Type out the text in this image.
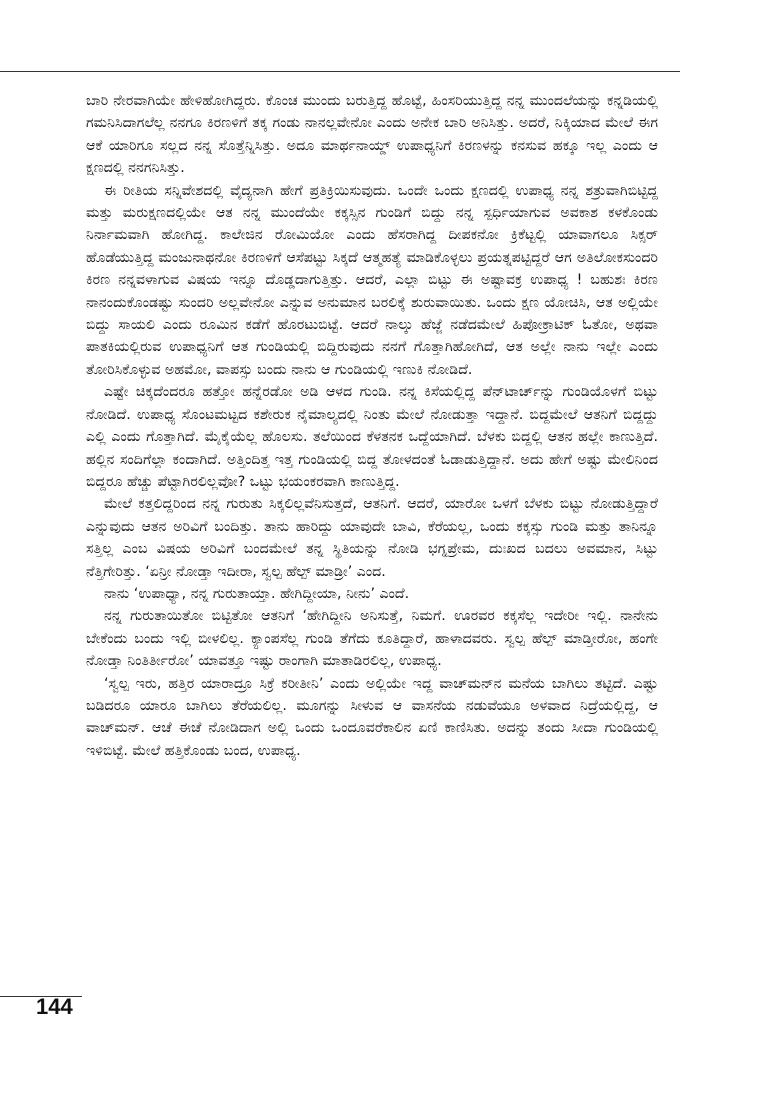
ಬಾರಿ ನೇರವಾಗಿಯೇ ಹೇಳಿಹೋಗಿದ್ದರು. ಕೊಂಚ ಮುಂದು ಬರುತ್ತಿದ್ದ ಹೊಟ್ಟೆ, ಹಿಂಸರಿಯುತ್ತಿದ್ದ ನನ್ನ ಮುಂದಲೆಯನ್ನು ಕನ್ನಡಿಯಲ್ಲಿ ಗಮನಿಸಿದಾಗಲೆಲ್ಲ ನನಗೂ ಕಿರಣಳಿಗೆ ತಕ್ಕ ಗಂಡು ನಾನಲ್ಲವೇನೋ ಎಂದು ಅನೇಕ ಬಾರಿ ಅನಿಸಿತ್ತು. ಅದರೆ, ನಿಕ್ಕಿಯಾದ ಮೇಲೆ ಈಗ ಆಕೆ ಯಾರಿಗೂ ಸಲ್ಲದ ನನ್ನ ಸೊತ್ತೆನ್ನಿಸಿತ್ತು. ಅದೂ ಮಾರ್ಥನಾಯ್ಡ್ ಉಪಾಧ್ಯನಿಗೆ ಕಿರಣಳನ್ನು ಕನಸುವ ಹಕ್ಕೂ ಇಲ್ಲ ಎಂದು ಆ ಕ್ಷಣದಲ್ಲಿ ನನಗನಿಸಿತ್ತು.

ಈ ರೀತಿಯ ಸನ್ನಿವೇಶದಲ್ಲಿ ವೈದ್ಯನಾಗಿ ಹೇಗೆ ಪ್ರತಿಕ್ರಿಯಿಸುವುದು. ಒಂದೇ ಒಂದು ಕ್ಷಣದಲ್ಲಿ ಉಪಾಧ್ಯ ನನ್ನ ಶತ್ರುವಾಗಿಬಿಟ್ಟಿದ್ದ ಮತ್ತು ಮರುಕ್ಷಣದಲ್ಲಿಯೇ ಆತ ನನ್ನ ಮುಂದೆಯೇ ಕಕ್ಕಸ್ಸಿನ ಗುಂಡಿಗೆ ಬಿದ್ದು ನನ್ನ ಸ್ಪರ್ಧಿಯಾಗುವ ಅವಕಾಶ ಕಳಕೊಂಡು ನಿರ್ನಾಮವಾಗಿ ಹೋಗಿದ್ದ. ಕಾಲೇಜಿನ ರೋಮಿಯೋ ಎಂದು ಹೆಸರಾಗಿದ್ದ ದೀಪಕನೋ ಕ್ರಿಕೆಟ್ಟಲ್ಲಿ ಯಾವಾಗಲೂ ಸಿಕ್ಸರ್ ಹೊಡೆಯುತ್ತಿದ್ದ ಮಂಜುನಾಥನೋ ಕಿರಣಳಿಗೆ ಆಸೆಪಟ್ಟು ಸಿಕ್ಕದೆ ಆತ್ಮಹತ್ಯೆ ಮಾಡಿಕೊಳ್ಳಲು ಪ್ರಯತ್ನಪಟ್ಟಿದ್ದರೆ ಆಗ ಅತಿಲೋಕಸುಂದರಿ ಕಿರಣ ನನ್ನವಳಾಗುವ ವಿಷಯ ಇನ್ನೂ ದೊಡ್ಡದಾಗುತ್ತಿತ್ತು. ಆದರೆ, ಎಲ್ಲಾ ಬಿಟ್ಟು ಈ ಅಷ್ಟಾವಕ್ರ ಉಪಾಧ್ಯ ! ಬಹುಶಃ ಕಿರಣ ನಾನಂದುಕೊಂಡಷ್ಟು ಸುಂದರಿ ಅಲ್ಲವೇನೋ ಎನ್ನುವ ಅನುಮಾನ ಬರಲಿಕ್ಕೆ ಶುರುವಾಯಿತು. ಒಂದು ಕ್ಷಣ ಯೋಚಿಸಿ, ಆತ ಅಲ್ಲಿಯೇ ಬಿದ್ದು ಸಾಯಲಿ ಎಂದು ರೂಮಿನ ಕಡೆಗೆ ಹೊರಟುಬಿಟ್ಟೆ. ಆದರೆ ನಾಲ್ಕು ಹೆಜ್ಜೆ ನಡೆದಮೇಲೆ ಹಿಪೋಕ್ರಾಟಿಕ್ ಓತೋ, ಅಥವಾ ಪಾತಕಿಯಲ್ಲಿರುವ ಉಪಾಧ್ಯನಿಗೆ ಆತ ಗುಂಡಿಯಲ್ಲಿ ಬಿದ್ದಿರುವುದು ನನಗೆ ಗೊತ್ತಾಗಿಹೋಗಿದೆ, ಆತ ಅಲ್ಲೇ ನಾನು ಇಲ್ಲೇ ಎಂದು ತೋರಿಸಿಕೊಳ್ಳುವ ಅಹಮೋ, ವಾಪಸ್ಸು ಬಂದು ನಾನು ಆ ಗುಂಡಿಯಲ್ಲಿ ಇಣುಕಿ ನೋಡಿದೆ.

ಎಷ್ಟೇ ಚಿಕ್ಕದೆಂದರೂ ಹತ್ತೋ ಹನ್ನೆರಡೋ ಅಡಿ ಆಳದ ಗುಂಡಿ. ನನ್ನ ಕಿಸೆಯಲ್ಲಿದ್ದ ಪೆನ್‌ಟಾರ್ಚ್‌ನ್ನು ಗುಂಡಿಯೊಳಗೆ ಬಿಟ್ಟು ನೋಡಿದೆ. ಉಪಾಧ್ಯ ಸೊಂಟಮಟ್ಟದ ಕಶೇರುಕ ನೈಮಾಲ್ಯದಲ್ಲಿ ನಿಂತು ಮೇಲೆ ನೋಡುತ್ತಾ ಇದ್ದಾನೆ. ಬಿದ್ದಮೇಲೆ ಆತನಿಗೆ ಬಿದ್ದದ್ದು ಎಲ್ಲಿ ಎಂದು ಗೊತ್ತಾಗಿದೆ. ಮೈಕೈಯೆಲ್ಲ ಹೊಲಸು. ತಲೆಯಿಂದ ಕೆಳತನಕ ಒದ್ದೆಯಾಗಿದೆ. ಬೆಳಕು ಬಿದ್ದಲ್ಲಿ ಆತನ ಹಲ್ಲೇ ಕಾಣುತ್ತಿದೆ. ಹಲ್ಲಿನ ಸಂದಿಗೆಲ್ಲಾ ಕಂದಾಗಿದೆ. ಅತ್ತಿಂದಿತ್ತ ಇತ್ತ ಗುಂಡಿಯಲ್ಲಿ ಬಿದ್ದ ತೋಳದಂತೆ ಓಡಾಡುತ್ತಿದ್ದಾನೆ. ಅದು ಹೇಗೆ ಅಷ್ಟು ಮೇಲಿನಿಂದ ಬಿದ್ದರೂ ಹೆಚ್ಚು ಪೆಟ್ಟಾಗಿರಲಿಲ್ಲವೋ? ಒಟ್ಟು ಭಯಂಕರವಾಗಿ ಕಾಣುತ್ತಿದ್ದ.

ಮೇಲೆ ಕತ್ತಲಿದ್ದರಿಂದ ನನ್ನ ಗುರುತು ಸಿಕ್ಕಲಿಲ್ಲವೆನಿಸುತ್ತದೆ, ಆತನಿಗೆ. ಆದರೆ, ಯಾರೋ ಒಳಗೆ ಬೆಳಕು ಬಿಟ್ಟು ನೋಡುತ್ತಿದ್ದಾರೆ ಎನ್ನುವುದು ಆತನ ಅರಿವಿಗೆ ಬಂದಿತ್ತು. ತಾನು ಹಾರಿದ್ದು ಯಾವುದೇ ಬಾವಿ, ಕೆರೆಯಲ್ಲ, ಒಂದು ಕಕ್ಕಸ್ಸು ಗುಂಡಿ ಮತ್ತು ತಾನಿನ್ನೂ ಸತ್ತಿಲ್ಲ ಎಂಬ ವಿಷಯ ಅರಿವಿಗೆ ಬಂದಮೇಲೆ ತನ್ನ ಸ್ಥಿತಿಯನ್ನು ನೋಡಿ ಭಗ್ನಪ್ರೇಮ, ದುಃಖದ ಬದಲು ಅವಮಾನ, ಸಿಟ್ಟು ನೆತ್ತಿಗೇರಿತ್ತು. ‘ಏನ್ರೀ ನೋಡ್ತಾ ಇದೀರಾ, ಸ್ವಲ್ಪ ಹೆಲ್ಪ್ ಮಾಡ್ರೀ’ ಎಂದ.

ನಾನು ‘ಉಪಾಧ್ಯಾ, ನನ್ನ ಗುರುತಾಯ್ತಾ. ಹೇಗಿದ್ದೀಯಾ, ನೀನು’ ಎಂದೆ.

ನನ್ನ ಗುರುತಾಯಿತೋ ಬಿಟ್ಟಿತೋ ಆತನಿಗೆ ‘ಹೇಗಿದ್ದೀನಿ ಅನಿಸುತ್ತೆ, ನಿಮಗೆ. ಊರವರ ಕಕ್ಕಸೆಲ್ಲ ಇದೇರೀ ಇಲ್ಲಿ. ನಾನೇನು ಬೇಕೆಂದು ಬಂದು ಇಲ್ಲಿ ಬೀಳಲಿಲ್ಲ. ಕ್ಯಾಂಪಸೆಲ್ಲ ಗುಂಡಿ ತೆಗೆದು ಕೂತಿದ್ದಾರೆ, ಹಾಳಾದವರು. ಸ್ವಲ್ಪ ಹೆಲ್ಪ್ ಮಾಡ್ತೀರೋ, ಹಂಗೇ ನೋಡ್ತಾ ನಿಂತಿರ್ತೀರೋ’ ಯಾವತ್ತೂ ಇಷ್ಟು ರಾಂಗಾಗಿ ಮಾತಾಡಿರಲಿಲ್ಲ, ಉಪಾಧ್ಯ.

‘ಸ್ವಲ್ಪ ಇರು, ಹತ್ತಿರ ಯಾರಾದ್ರೂ ಸಿಕ್ರೆ ಕರೀತೀನಿ’ ಎಂದು ಅಲ್ಲಿಯೇ ಇದ್ದ ವಾಚ್‌ಮನ್‌ನ ಮನೆಯ ಬಾಗಿಲು ತಟ್ಟಿದೆ. ಎಷ್ಟು ಬಡಿದರೂ ಯಾರೂ ಬಾಗಿಲು ತೆರೆಯಲಿಲ್ಲ. ಮೂಗನ್ನು ಸೀಳುವ ಆ ವಾಸನೆಯ ನಡುವೆಯೂ ಅಳವಾದ ನಿದ್ರೆಯಲ್ಲಿದ್ದ, ಆ ವಾಚ್‌ಮನ್. ಆಚೆ ಈಚೆ ನೋಡಿದಾಗ ಅಲ್ಲಿ ಒಂದು ಒಂದೂವರೆಕಾಲಿನ ಏಣಿ ಕಾಣಿಸಿತು. ಅದನ್ನು ತಂದು ಸೀದಾ ಗುಂಡಿಯಲ್ಲಿ ಇಳಿಬಿಟ್ಟೆ. ಮೇಲೆ ಹತ್ತಿಕೊಂಡು ಬಂದ, ಉಪಾಧ್ಯ.

144
